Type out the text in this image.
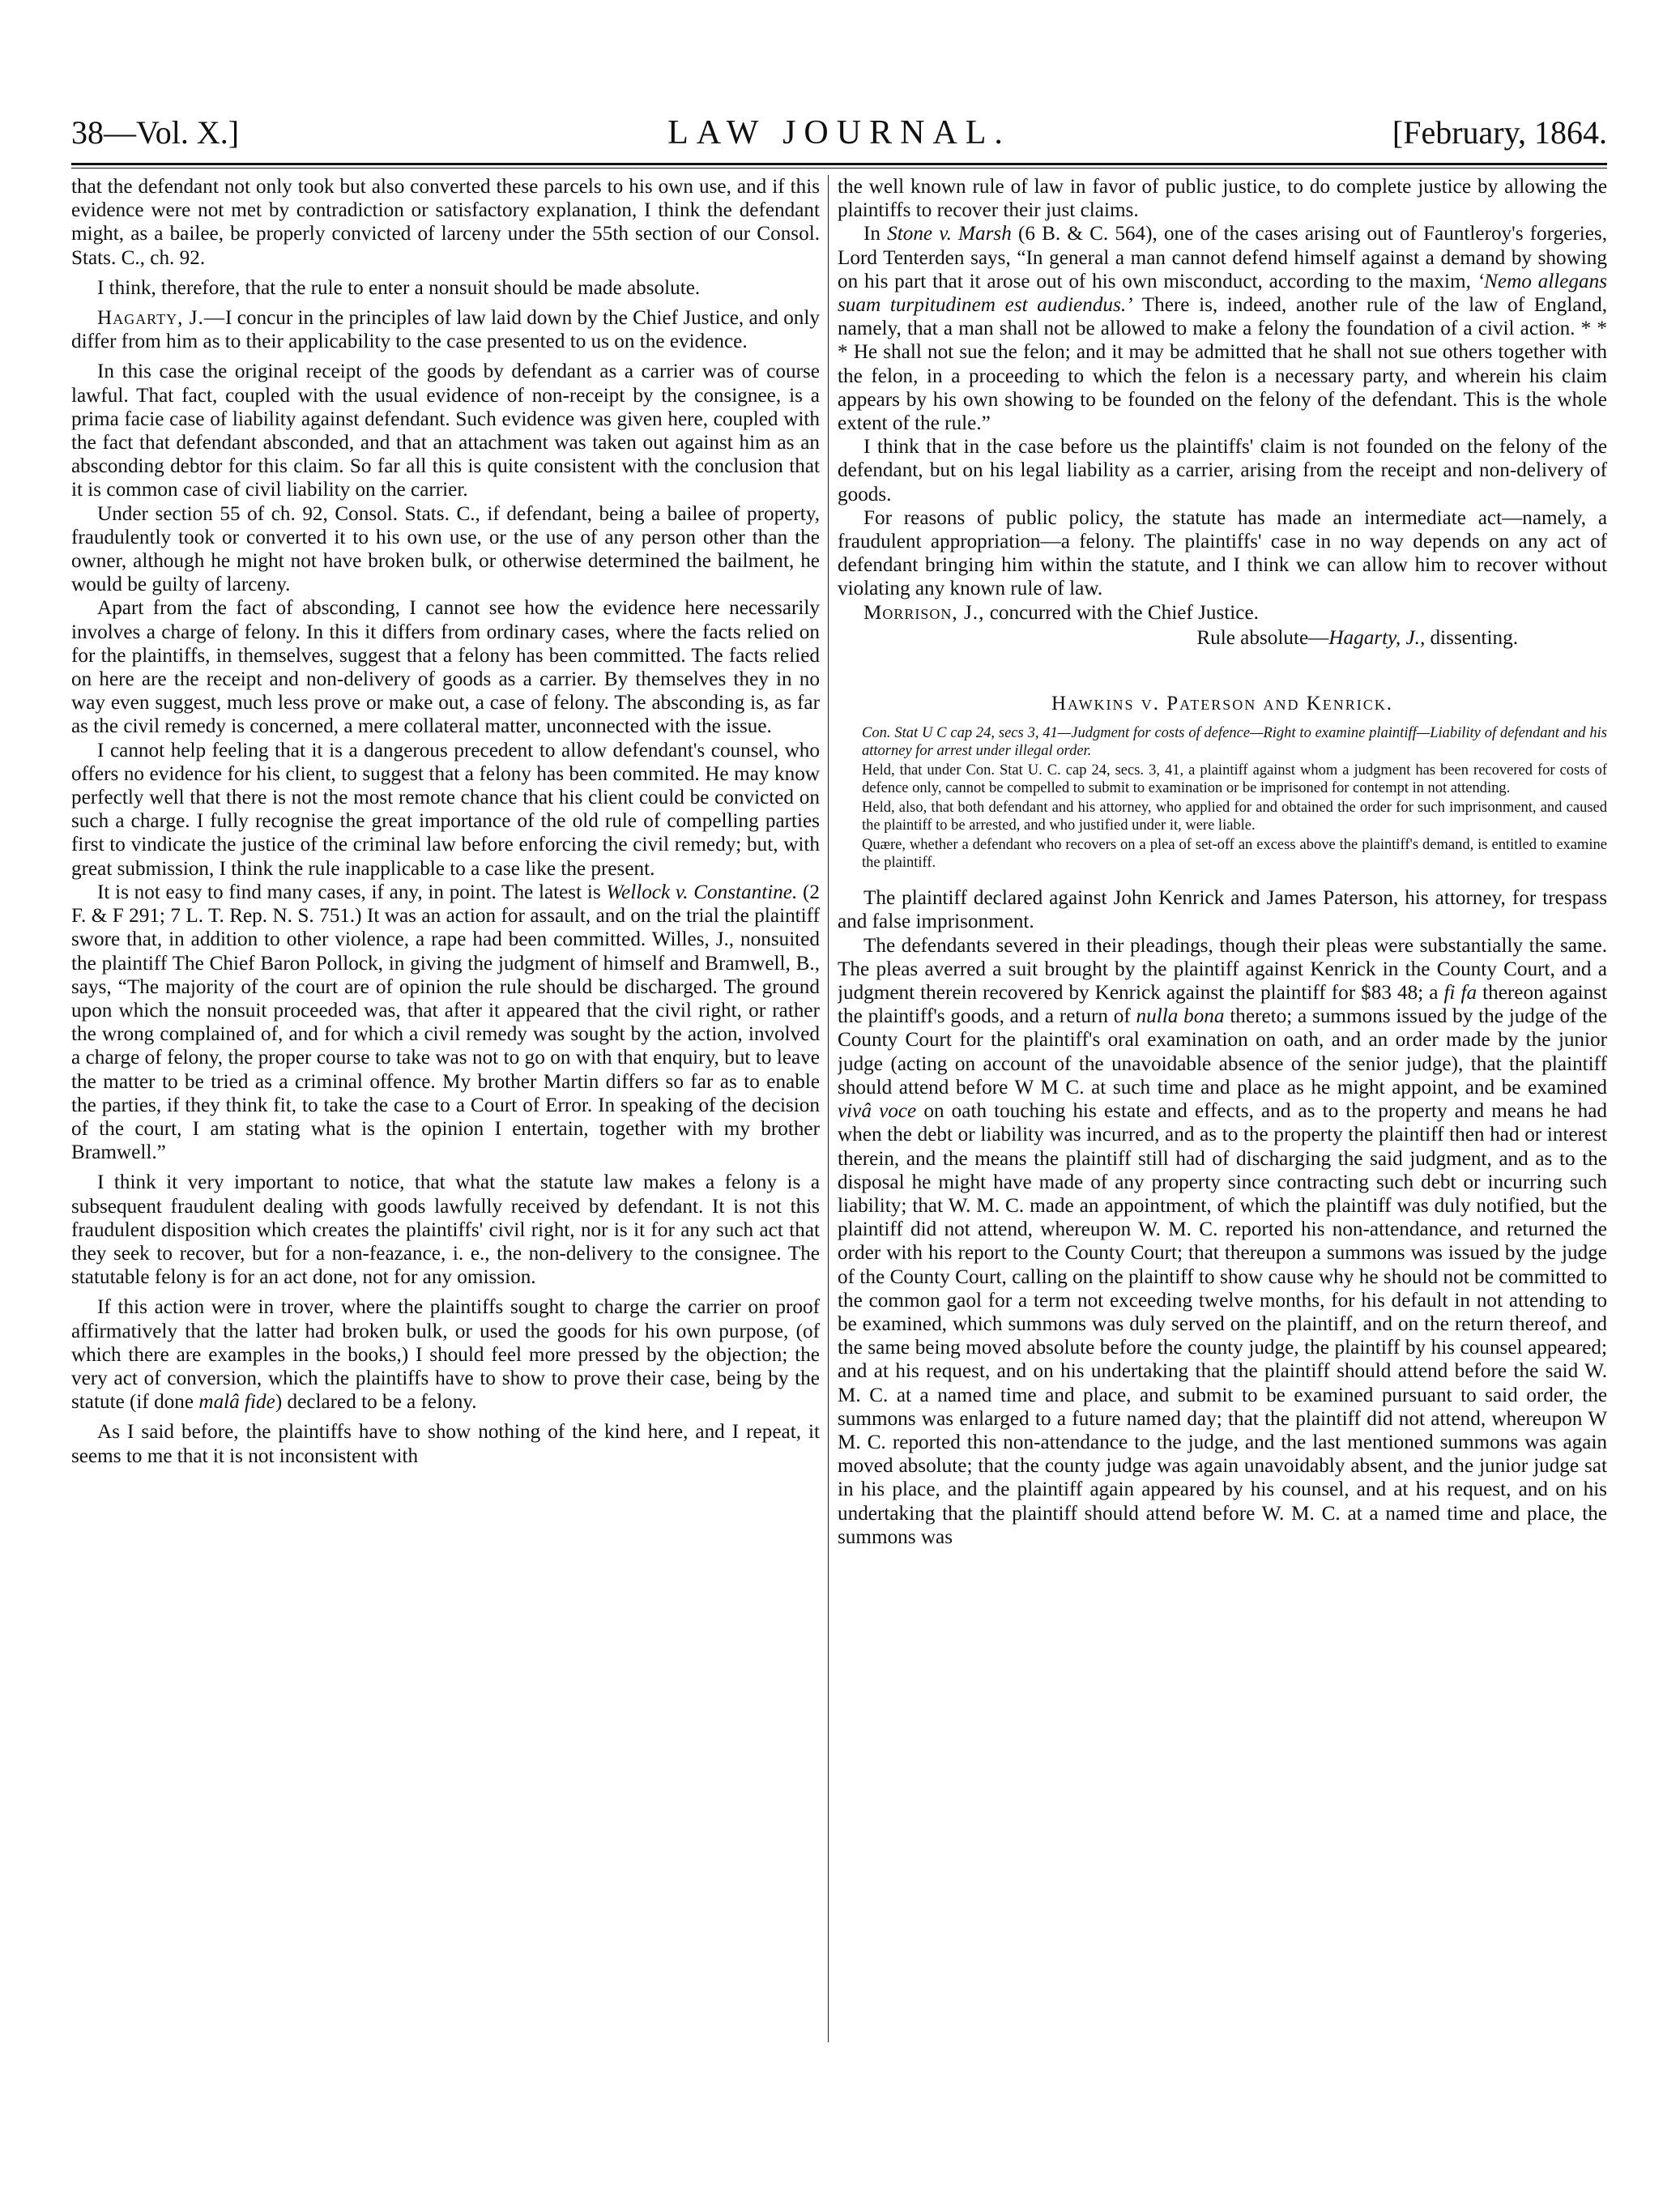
38—Vol. X.]	LAW JOURNAL.	[February, 1864.

that the defendant not only took but also converted these parcels to his own use, and if this evidence were not met by contradiction or satisfactory explanation, I think the defendant might, as a bailee, be properly convicted of larceny under the 55th section of our Consol. Stats. C., ch. 92.

I think, therefore, that the rule to enter a nonsuit should be made absolute.

Hagarty, J.—I concur in the principles of law laid down by the Chief Justice, and only differ from him as to their applicability to the case presented to us on the evidence.

In this case the original receipt of the goods by defendant as a carrier was of course lawful. That fact, coupled with the usual evidence of non-receipt by the consignee, is a prima facie case of liability against defendant. Such evidence was given here, coupled with the fact that defendant absconded, and that an attachment was taken out against him as an absconding debtor for this claim. So far all this is quite consistent with the conclusion that it is common case of civil liability on the carrier.

Under section 55 of ch. 92, Consol. Stats. C., if defendant, being a bailee of property, fraudulently took or converted it to his own use, or the use of any person other than the owner, although he might not have broken bulk, or otherwise determined the bailment, he would be guilty of larceny.

Apart from the fact of absconding, I cannot see how the evidence here necessarily involves a charge of felony. In this it differs from ordinary cases, where the facts relied on for the plaintiffs, in themselves, suggest that a felony has been committed. The facts relied on here are the receipt and non-delivery of goods as a carrier. By themselves they in no way even suggest, much less prove or make out, a case of felony. The absconding is, as far as the civil remedy is concerned, a mere collateral matter, unconnected with the issue.

I cannot help feeling that it is a dangerous precedent to allow defendant's counsel, who offers no evidence for his client, to suggest that a felony has been commited. He may know perfectly well that there is not the most remote chance that his client could be convicted on such a charge. I fully recognise the great importance of the old rule of compelling parties first to vindicate the justice of the criminal law before enforcing the civil remedy; but, with great submission, I think the rule inapplicable to a case like the present.

It is not easy to find many cases, if any, in point. The latest is Wellock v. Constantine. (2 F. & F 291; 7 L. T. Rep. N. S. 751.) It was an action for assault, and on the trial the plaintiff swore that, in addition to other violence, a rape had been committed. Willes, J., nonsuited the plaintiff The Chief Baron Pollock, in giving the judgment of himself and Bramwell, B., says, “The majority of the court are of opinion the rule should be discharged. The ground upon which the nonsuit proceeded was, that after it appeared that the civil right, or rather the wrong complained of, and for which a civil remedy was sought by the action, involved a charge of felony, the proper course to take was not to go on with that enquiry, but to leave the matter to be tried as a criminal offence. My brother Martin differs so far as to enable the parties, if they think fit, to take the case to a Court of Error. In speaking of the decision of the court, I am stating what is the opinion I entertain, together with my brother Bramwell.”

I think it very important to notice, that what the statute law makes a felony is a subsequent fraudulent dealing with goods lawfully received by defendant. It is not this fraudulent disposition which creates the plaintiffs' civil right, nor is it for any such act that they seek to recover, but for a non-feazance, i. e., the non-delivery to the consignee. The statutable felony is for an act done, not for any omission.

If this action were in trover, where the plaintiffs sought to charge the carrier on proof affirmatively that the latter had broken bulk, or used the goods for his own purpose, (of which there are examples in the books,) I should feel more pressed by the objection; the very act of conversion, which the plaintiffs have to show to prove their case, being by the statute (if done malâ fide) declared to be a felony.

As I said before, the plaintiffs have to show nothing of the kind here, and I repeat, it seems to me that it is not inconsistent with

the well known rule of law in favor of public justice, to do complete justice by allowing the plaintiffs to recover their just claims.

In Stone v. Marsh (6 B. & C. 564), one of the cases arising out of Fauntleroy's forgeries, Lord Tenterden says, “In general a man cannot defend himself against a demand by showing on his part that it arose out of his own misconduct, according to the maxim, ‘Nemo allegans suam turpitudinem est audiendus.’ There is, indeed, another rule of the law of England, namely, that a man shall not be allowed to make a felony the foundation of a civil action. * * * He shall not sue the felon; and it may be admitted that he shall not sue others together with the felon, in a proceeding to which the felon is a necessary party, and wherein his claim appears by his own showing to be founded on the felony of the defendant. This is the whole extent of the rule.”

I think that in the case before us the plaintiffs' claim is not founded on the felony of the defendant, but on his legal liability as a carrier, arising from the receipt and non-delivery of goods.

For reasons of public policy, the statute has made an intermediate act—namely, a fraudulent appropriation—a felony. The plaintiffs' case in no way depends on any act of defendant bringing him within the statute, and I think we can allow him to recover without violating any known rule of law.

Morrison, J., concurred with the Chief Justice.

Rule absolute—Hagarty, J., dissenting.

Hawkins v. Paterson and Kenrick.

Con. Stat U C cap 24, secs 3, 41—Judgment for costs of defence—Right to examine plaintiff—Liability of defendant and his attorney for arrest under illegal order.

Held, that under Con. Stat U. C. cap 24, secs. 3, 41, a plaintiff against whom a judgment has been recovered for costs of defence only, cannot be compelled to submit to examination or be imprisoned for contempt in not attending.

Held, also, that both defendant and his attorney, who applied for and obtained the order for such imprisonment, and caused the plaintiff to be arrested, and who justified under it, were liable.

Quære, whether a defendant who recovers on a plea of set-off an excess above the plaintiff's demand, is entitled to examine the plaintiff.

The plaintiff declared against John Kenrick and James Paterson, his attorney, for trespass and false imprisonment.

The defendants severed in their pleadings, though their pleas were substantially the same. The pleas averred a suit brought by the plaintiff against Kenrick in the County Court, and a judgment therein recovered by Kenrick against the plaintiff for $83 48; a fi fa thereon against the plaintiff's goods, and a return of nulla bona thereto; a summons issued by the judge of the County Court for the plaintiff's oral examination on oath, and an order made by the junior judge (acting on account of the unavoidable absence of the senior judge), that the plaintiff should attend before W M C. at such time and place as he might appoint, and be examined vivâ voce on oath touching his estate and effects, and as to the property and means he had when the debt or liability was incurred, and as to the property the plaintiff then had or interest therein, and the means the plaintiff still had of discharging the said judgment, and as to the disposal he might have made of any property since contracting such debt or incurring such liability; that W. M. C. made an appointment, of which the plaintiff was duly notified, but the plaintiff did not attend, whereupon W. M. C. reported his non-attendance, and returned the order with his report to the County Court; that thereupon a summons was issued by the judge of the County Court, calling on the plaintiff to show cause why he should not be committed to the common gaol for a term not exceeding twelve months, for his default in not attending to be examined, which summons was duly served on the plaintiff, and on the return thereof, and the same being moved absolute before the county judge, the plaintiff by his counsel appeared; and at his request, and on his undertaking that the plaintiff should attend before the said W. M. C. at a named time and place, and submit to be examined pursuant to said order, the summons was enlarged to a future named day; that the plaintiff did not attend, whereupon W M. C. reported this non-attendance to the judge, and the last mentioned summons was again moved absolute; that the county judge was again unavoidably absent, and the junior judge sat in his place, and the plaintiff again appeared by his counsel, and at his request, and on his undertaking that the plaintiff should attend before W. M. C. at a named time and place, the summons was
